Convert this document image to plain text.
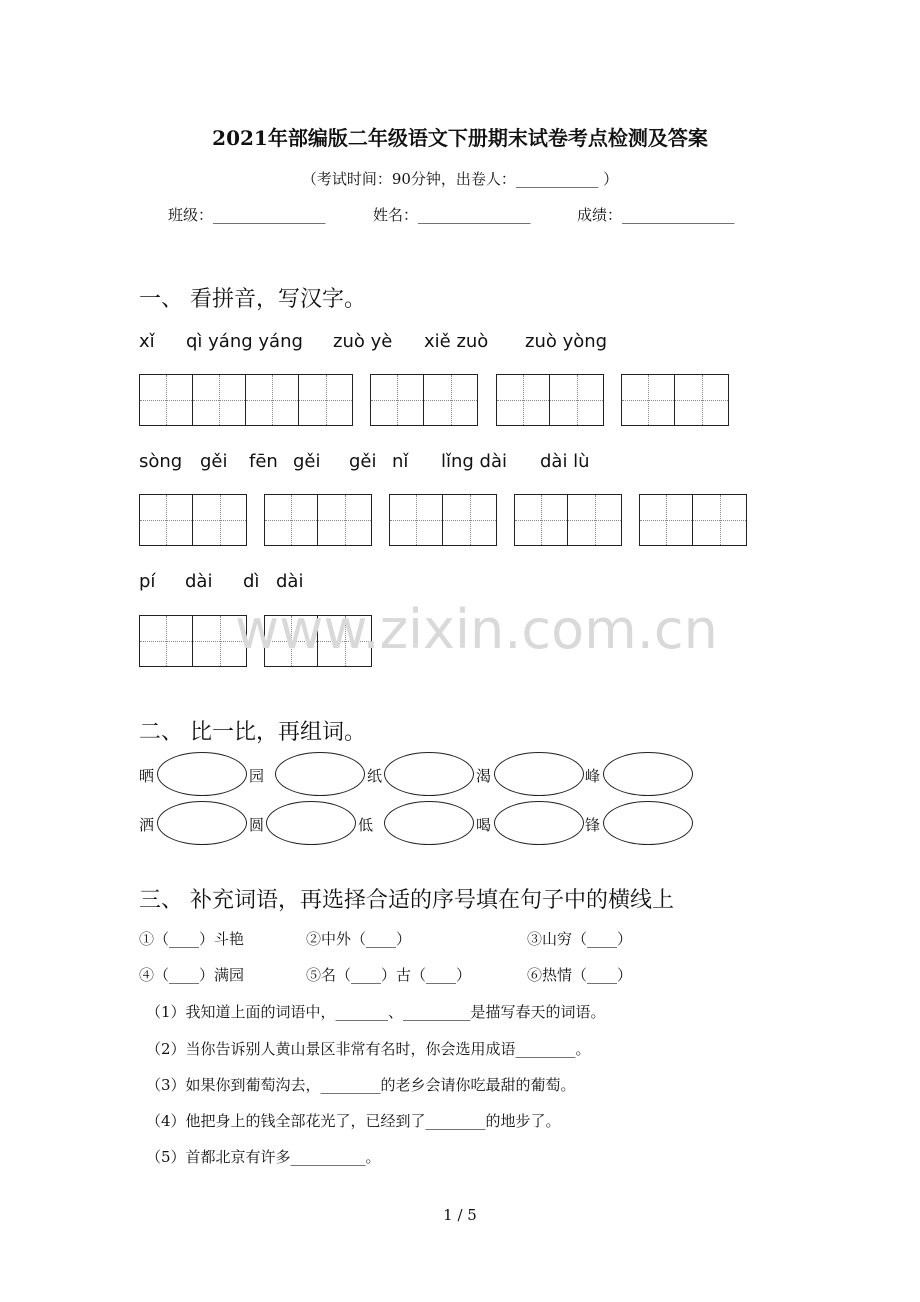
2021年部编版二年级语文下册期末试卷考点检测及答案
（考试时间：90分钟，出卷人：___________ ）
班级：_______________	姓名：_______________	成绩：_______________
一、 看拼音，写汉字。
xǐ qì yáng yáng zuò yè xiě zuò zuò yòng
sòng gěi fēn gěi gěi nǐ lǐng dài dài lù
pí dài dì dài
www.zixin.com.cn
二、 比一比，再组词。
晒	园	纸	渴	峰
洒	圆	低	喝	锋
三、 补充词语，再选择合适的序号填在句子中的横线上
①（____）斗艳	②中外（____）	③山穷（____）
④（____）满园	⑤名（____）古（____）	⑥热情（____）
（1）我知道上面的词语中，_______、_________是描写春天的词语。
（2）当你告诉别人黄山景区非常有名时，你会选用成语________。
（3）如果你到葡萄沟去，________的老乡会请你吃最甜的葡萄。
（4）他把身上的钱全部花光了，已经到了________的地步了。
（5）首都北京有许多__________。
1 / 5
